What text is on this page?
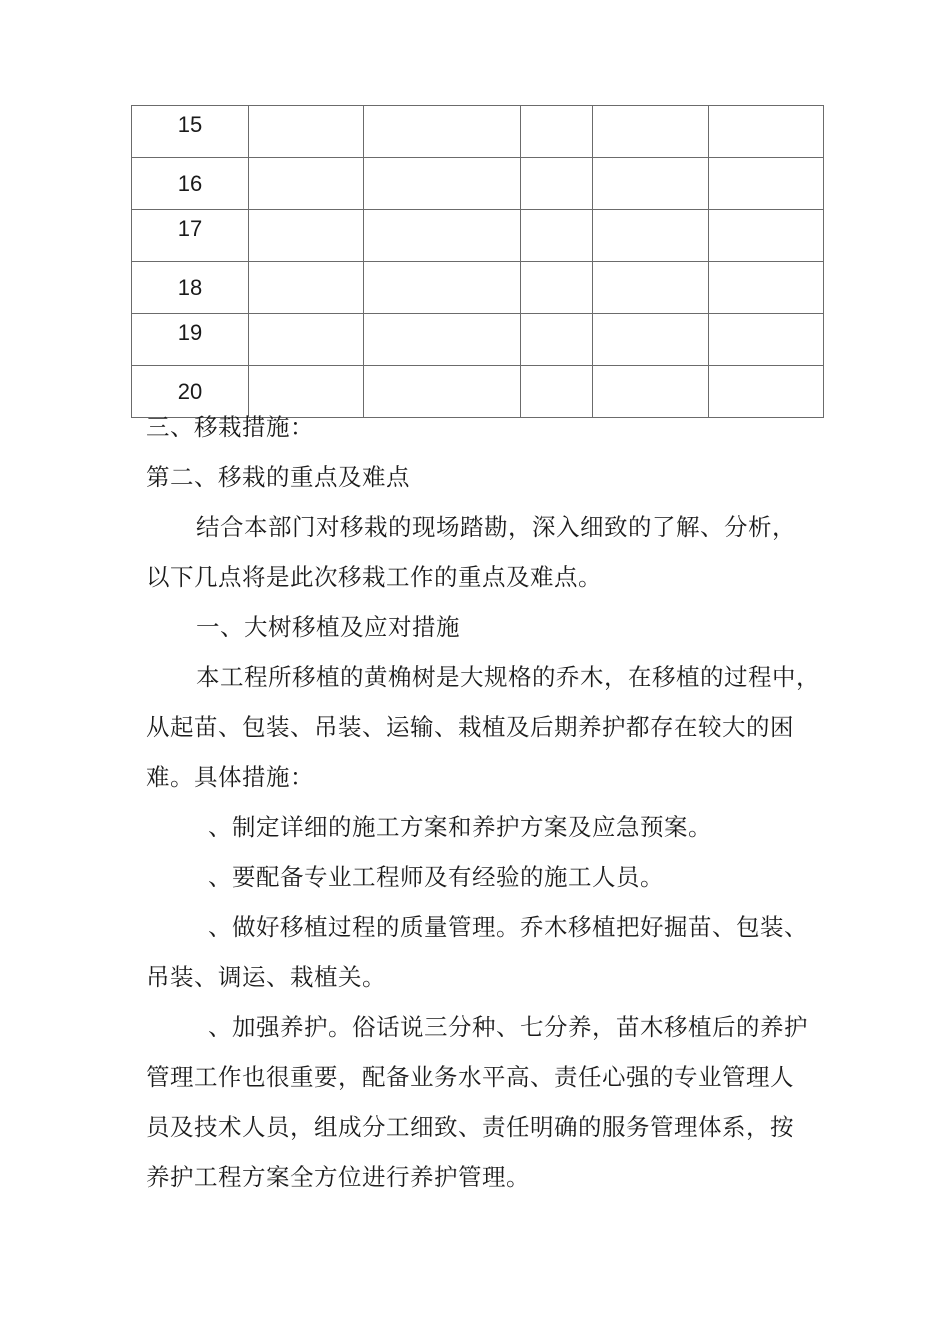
15					
16					
17					
18					
19					
20					
三、移栽措施：
第二、移栽的重点及难点
结合本部门对移栽的现场踏勘，深入细致的了解、分析，
以下几点将是此次移栽工作的重点及难点。
一、大树移植及应对措施
本工程所移植的黄桷树是大规格的乔木，在移植的过程中，
从起苗、包装、吊装、运输、栽植及后期养护都存在较大的困
难。具体措施：
、制定详细的施工方案和养护方案及应急预案。
、要配备专业工程师及有经验的施工人员。
、做好移植过程的质量管理。乔木移植把好掘苗、包装、
吊装、调运、栽植关。
、加强养护。俗话说三分种、七分养，苗木移植后的养护
管理工作也很重要，配备业务水平高、责任心强的专业管理人
员及技术人员，组成分工细致、责任明确的服务管理体系，按
养护工程方案全方位进行养护管理。
